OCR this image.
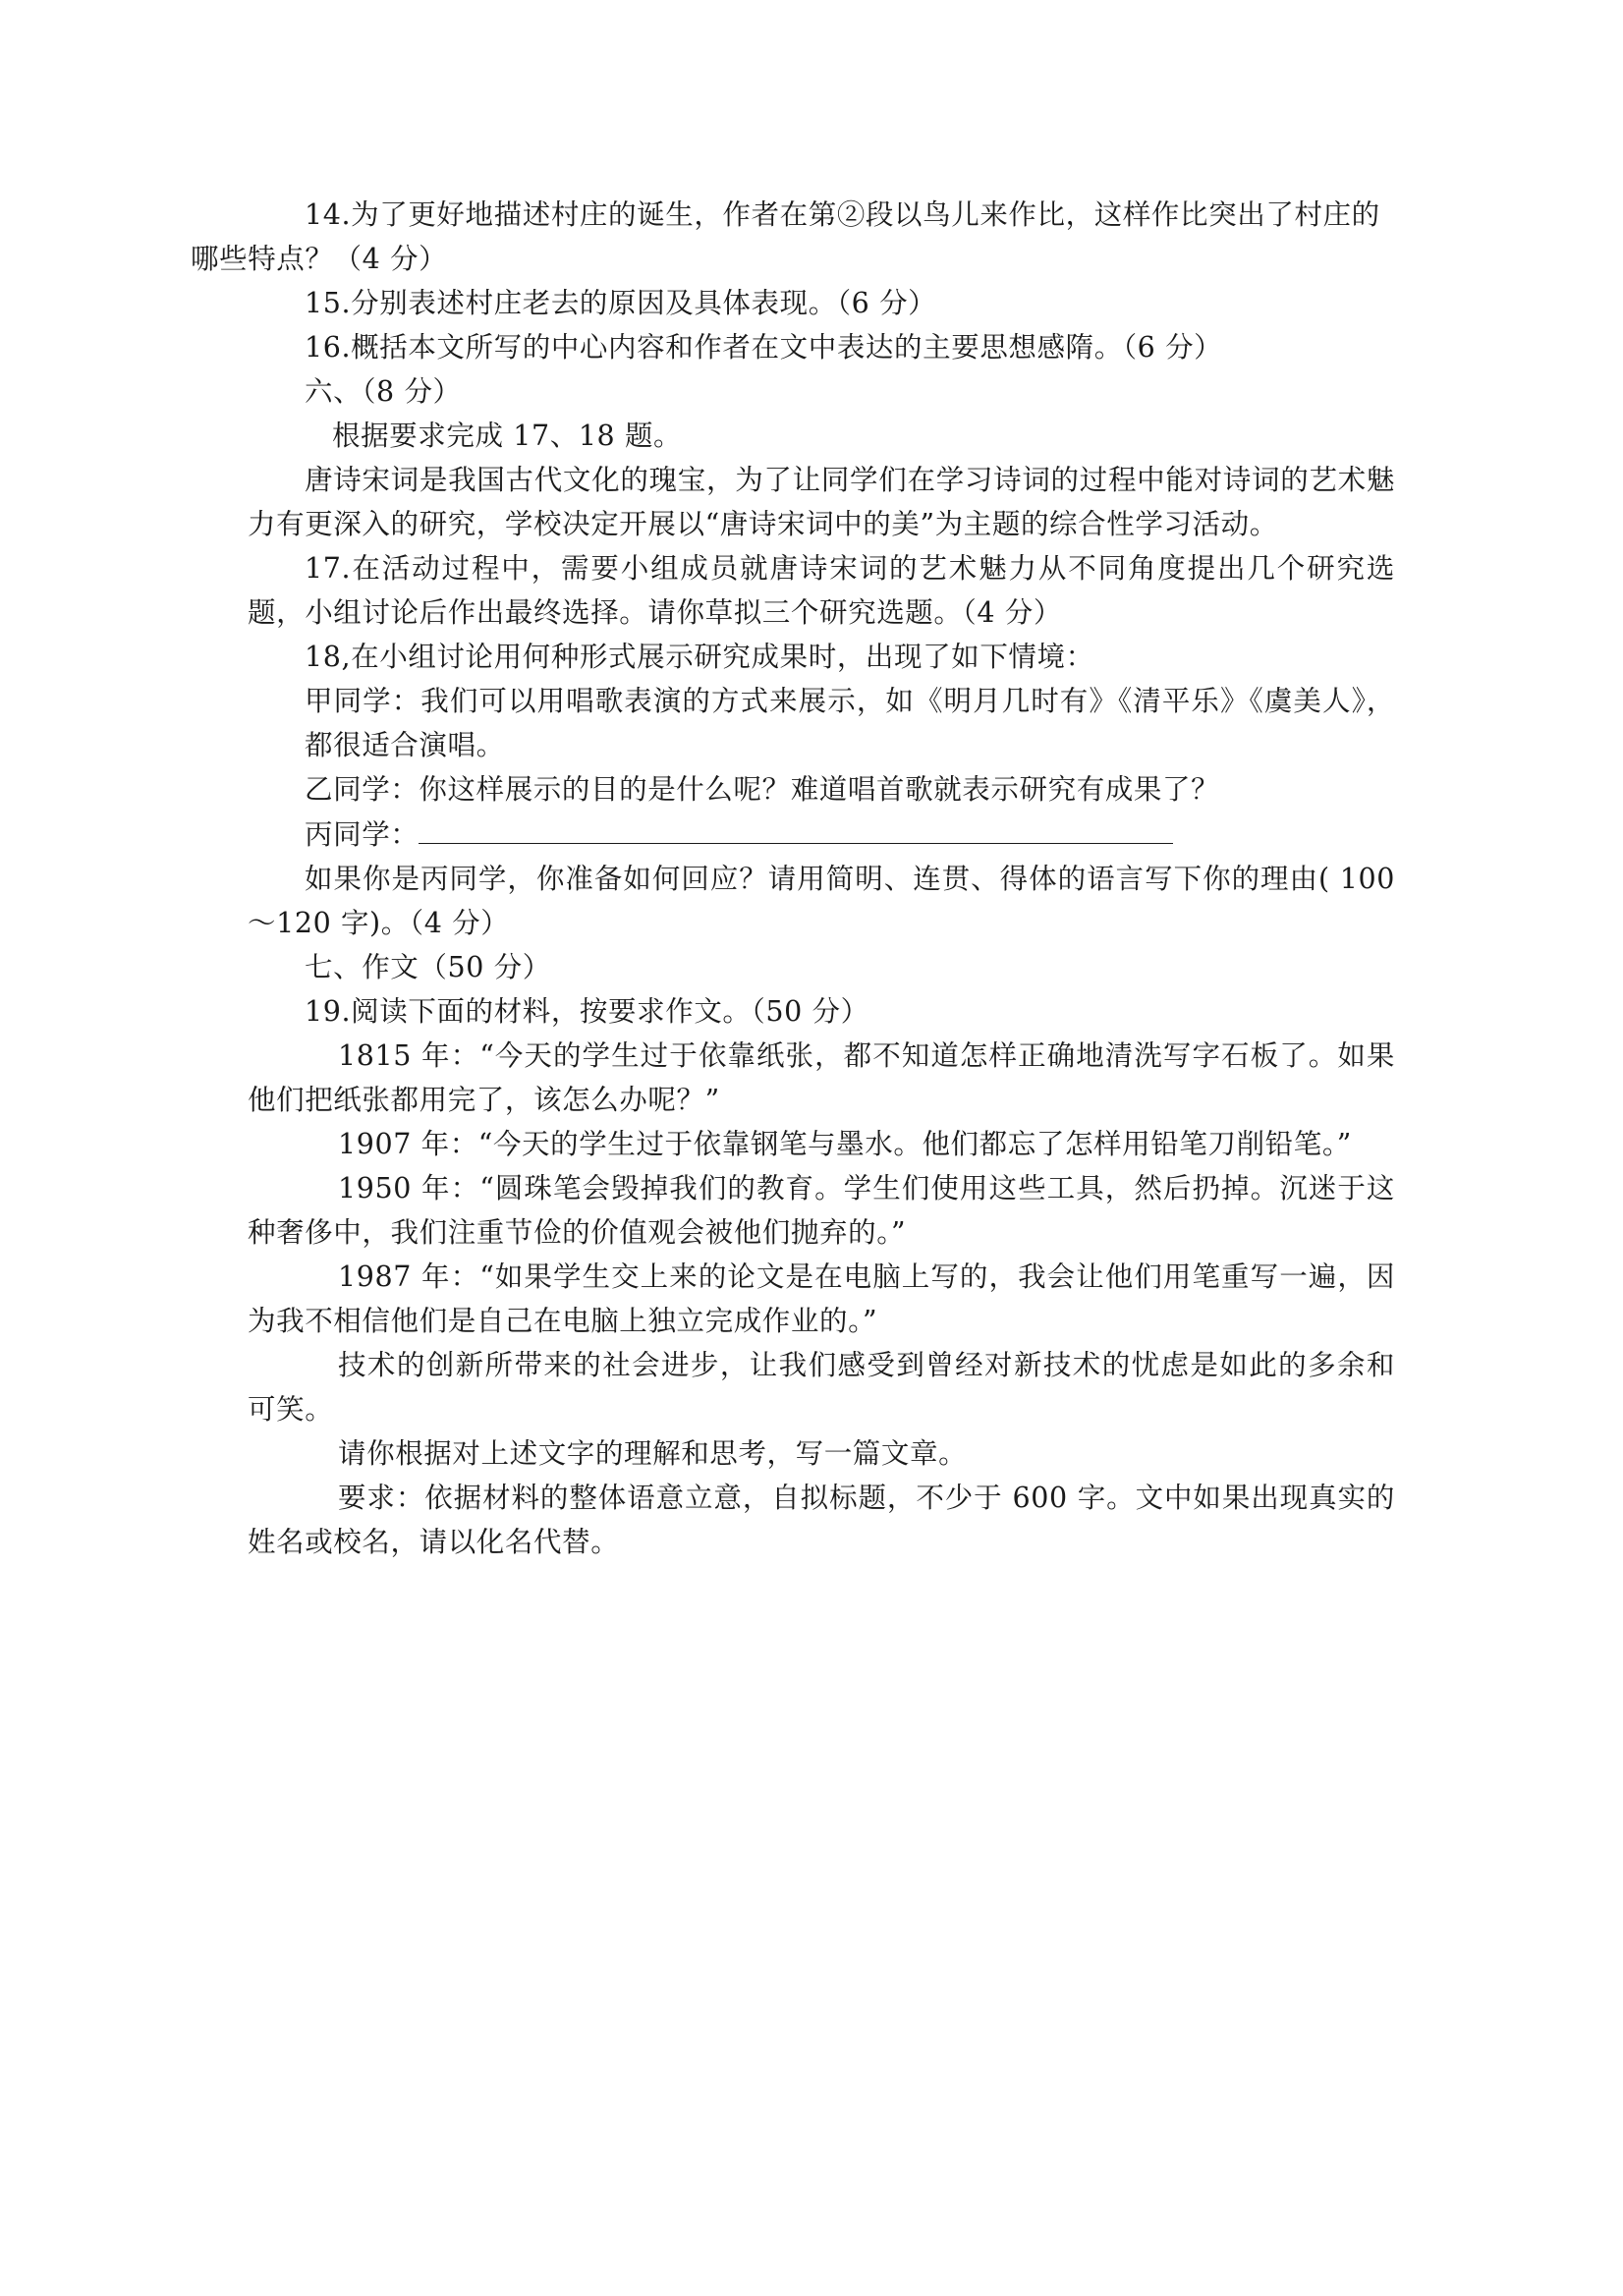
14.为了更好地描述村庄的诞生，作者在第②段以鸟儿来作比，这样作比突出了村庄的
哪些特点？（4 分）

15.分别表述村庄老去的原因及具体表现。（6 分）

16.概括本文所写的中心内容和作者在文中表达的主要思想感隋。（6 分）

六、（8 分）

根据要求完成 17、18 题。

唐诗宋词是我国古代文化的瑰宝，为了让同学们在学习诗词的过程中能对诗词的艺术魅力有更深入的研究，学校决定开展以“唐诗宋词中的美”为主题的综合性学习活动。

17.在活动过程中，需要小组成员就唐诗宋词的艺术魅力从不同角度提出几个研究选题，小组讨论后作出最终选择。请你草拟三个研究选题。（4 分）

18,在小组讨论用何种形式展示研究成果时，出现了如下情境：

甲同学：我们可以用唱歌表演的方式来展示，如《明月几时有》《清平乐》《虞美人》，都很适合演唱。

乙同学：你这样展示的目的是什么呢？难道唱首歌就表示研究有成果了？

丙同学：

如果你是丙同学，你准备如何回应？请用简明、连贯、得体的语言写下你的理由( 100～120 字)。（4 分）

七、作文（50 分）

19.阅读下面的材料，按要求作文。（50 分）

1815 年：“今天的学生过于依靠纸张，都不知道怎样正确地清洗写字石板了。如果他们把纸张都用完了，该怎么办呢？”

1907 年：“今天的学生过于依靠钢笔与墨水。他们都忘了怎样用铅笔刀削铅笔。”

1950 年：“圆珠笔会毁掉我们的教育。学生们使用这些工具，然后扔掉。沉迷于这种奢侈中，我们注重节俭的价值观会被他们抛弃的。”

1987 年：“如果学生交上来的论文是在电脑上写的，我会让他们用笔重写一遍，因为我不相信他们是自己在电脑上独立完成作业的。”

技术的创新所带来的社会进步，让我们感受到曾经对新技术的忧虑是如此的多余和可笑。

请你根据对上述文字的理解和思考，写一篇文章。

要求：依据材料的整体语意立意，自拟标题，不少于 600 字。文中如果出现真实的姓名或校名，请以化名代替。
